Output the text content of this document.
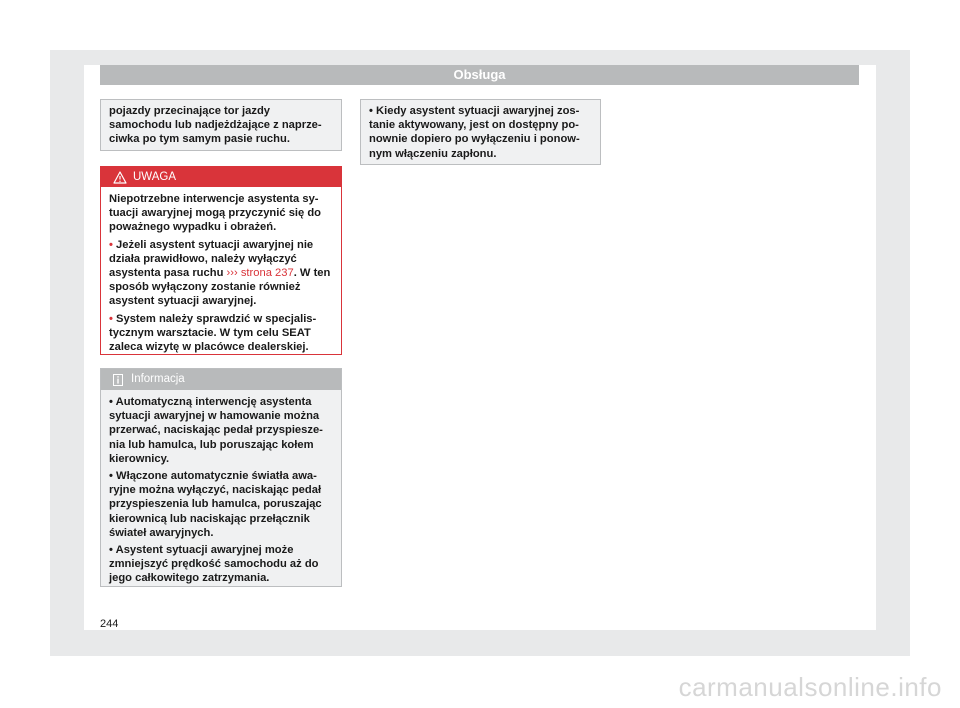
Obsługa
pojazdy przecinające tor jazdy samochodu lub nadjeżdżające z naprze-ciwka po tym samym pasie ruchu.
UWAGA

Niepotrzebne interwencje asystenta sy-tuacji awaryjnej mogą przyczynić się do poważnego wypadku i obrażeń.

• Jeżeli asystent sytuacji awaryjnej nie działa prawidłowo, należy wyłączyć asystenta pasa ruchu ››› strona 237. W ten sposób wyłączony zostanie również asystent sytuacji awaryjnej.

• System należy sprawdzić w specjalis-tycznym warsztacie. W tym celu SEAT zaleca wizytę w placówce dealerskiej.

Informacja

• Automatyczną interwencję asystenta sytuacji awaryjnej w hamowanie można przerwać, naciskając pedał przyspiesze-nia lub hamulca, lub poruszając kołem kierownicy.

• Włączone automatycznie światła awa-ryjne można wyłączyć, naciskając pedał przyspieszenia lub hamulca, poruszając kierownicą lub naciskając przełącznik świateł awaryjnych.

• Asystent sytuacji awaryjnej może zmniejszyć prędkość samochodu aż do jego całkowitego zatrzymania.

• Kiedy asystent sytuacji awaryjnej zos-tanie aktywowany, jest on dostępny po-nownie dopiero po wyłączeniu i ponow-nym włączeniu zapłonu.

244
carmanualsonline.info
